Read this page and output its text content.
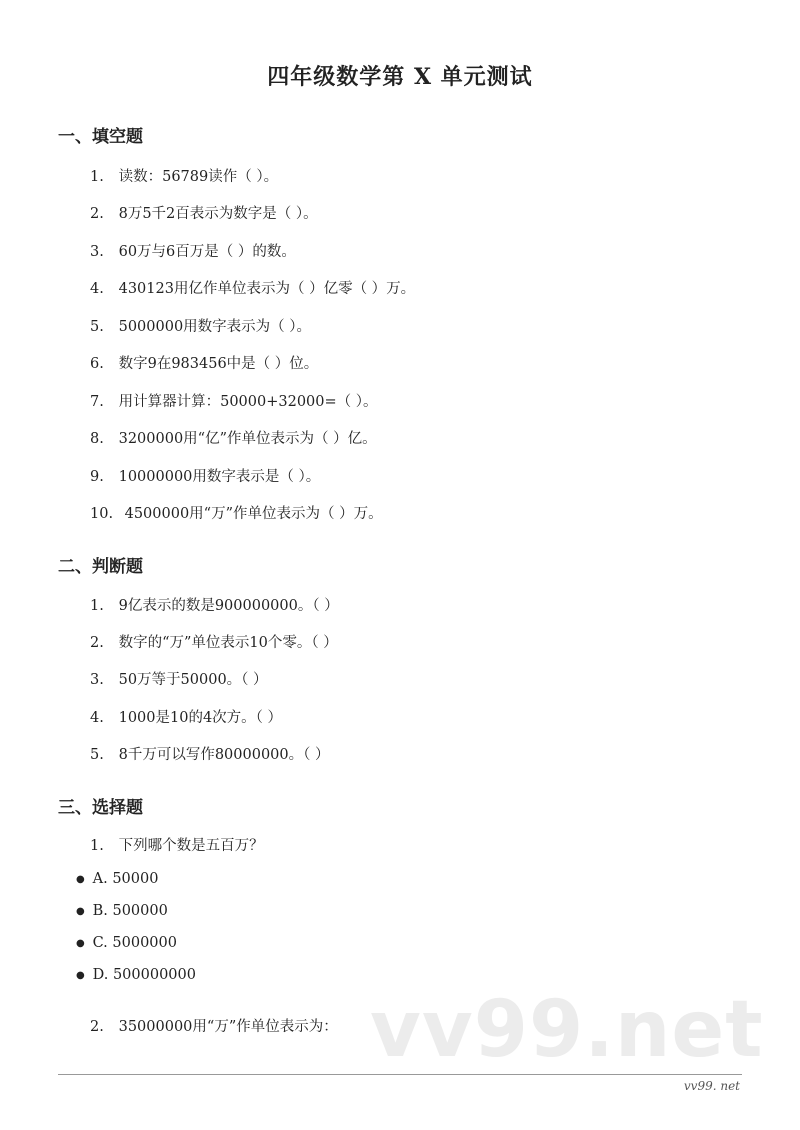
四年级数学第 X 单元测试
一、填空题

1. 读数：56789读作（ ）。

2. 8万5千2百表示为数字是（ ）。

3. 60万与6百万是（ ）的数。

4. 430123用亿作单位表示为（ ）亿零（ ）万。

5. 5000000用数字表示为（ ）。

6. 数字9在983456中是（ ）位。

7. 用计算器计算：50000+32000=（ ）。

8. 3200000用“亿”作单位表示为（ ）亿。

9. 10000000用数字表示是（ ）。

10. 4500000用“万”作单位表示为（ ）万。

二、判断题

1. 9亿表示的数是900000000。（ ）

2. 数字的“万”单位表示10个零。（ ）

3. 50万等于50000。（ ）

4. 1000是10的4次方。（ ）

5. 8千万可以写作80000000。（ ）

三、选择题

1. 下列哪个数是五百万？

● A. 50000

● B. 500000

● C. 5000000

● D. 500000000

vv99.net

2. 35000000用“万”作单位表示为：

vv99. net
